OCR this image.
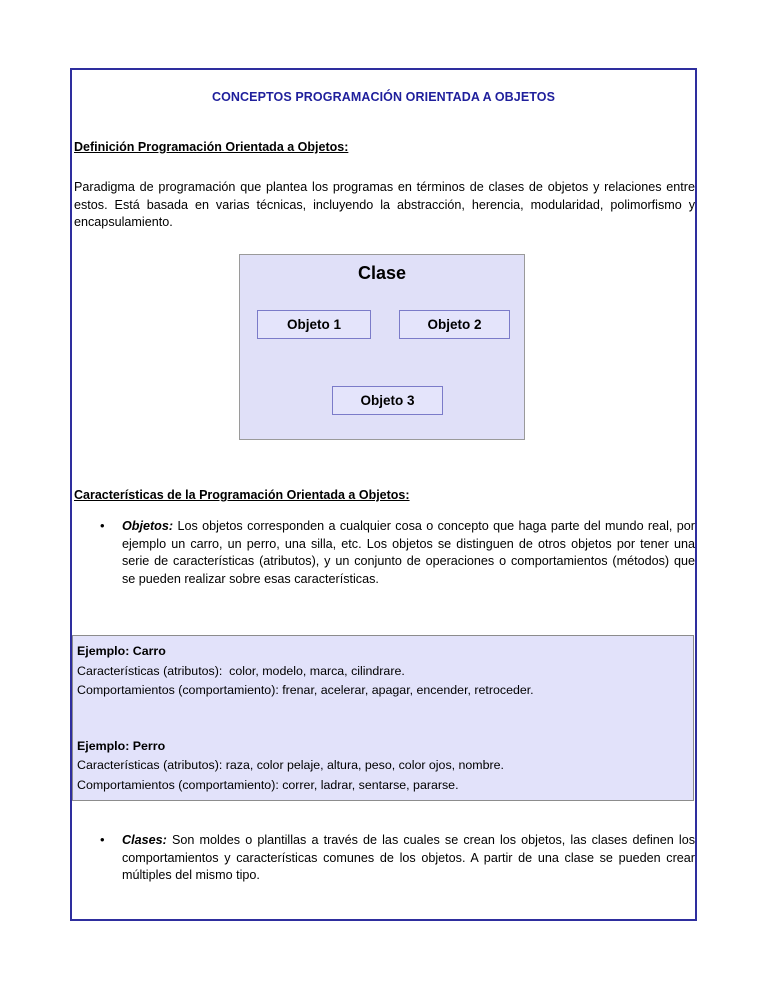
CONCEPTOS PROGRAMACIÓN ORIENTADA A OBJETOS
Definición Programación Orientada a Objetos:
Paradigma de programación que plantea los programas en términos de clases de objetos y relaciones entre estos. Está basada en varias técnicas, incluyendo la abstracción, herencia, modularidad, polimorfismo y encapsulamiento.
Clase
Objeto 1	Objeto 2
Objeto 3
Características de la Programación Orientada a Objetos:
• Objetos: Los objetos corresponden a cualquier cosa o concepto que haga parte del mundo real, por ejemplo un carro, un perro, una silla, etc. Los objetos se distinguen de otros objetos por tener una serie de características (atributos), y un conjunto de operaciones o comportamientos (métodos) que se pueden realizar sobre esas características.
Ejemplo: Carro
Características (atributos):  color, modelo, marca, cilindrare.
Comportamientos (comportamiento): frenar, acelerar, apagar, encender, retroceder.
Ejemplo: Perro
Características (atributos): raza, color pelaje, altura, peso, color ojos, nombre.
Comportamientos (comportamiento): correr, ladrar, sentarse, pararse.
• Clases: Son moldes o plantillas a través de las cuales se crean los objetos, las clases definen los comportamientos y características comunes de los objetos. A partir de una clase se pueden crear múltiples del mismo tipo.
